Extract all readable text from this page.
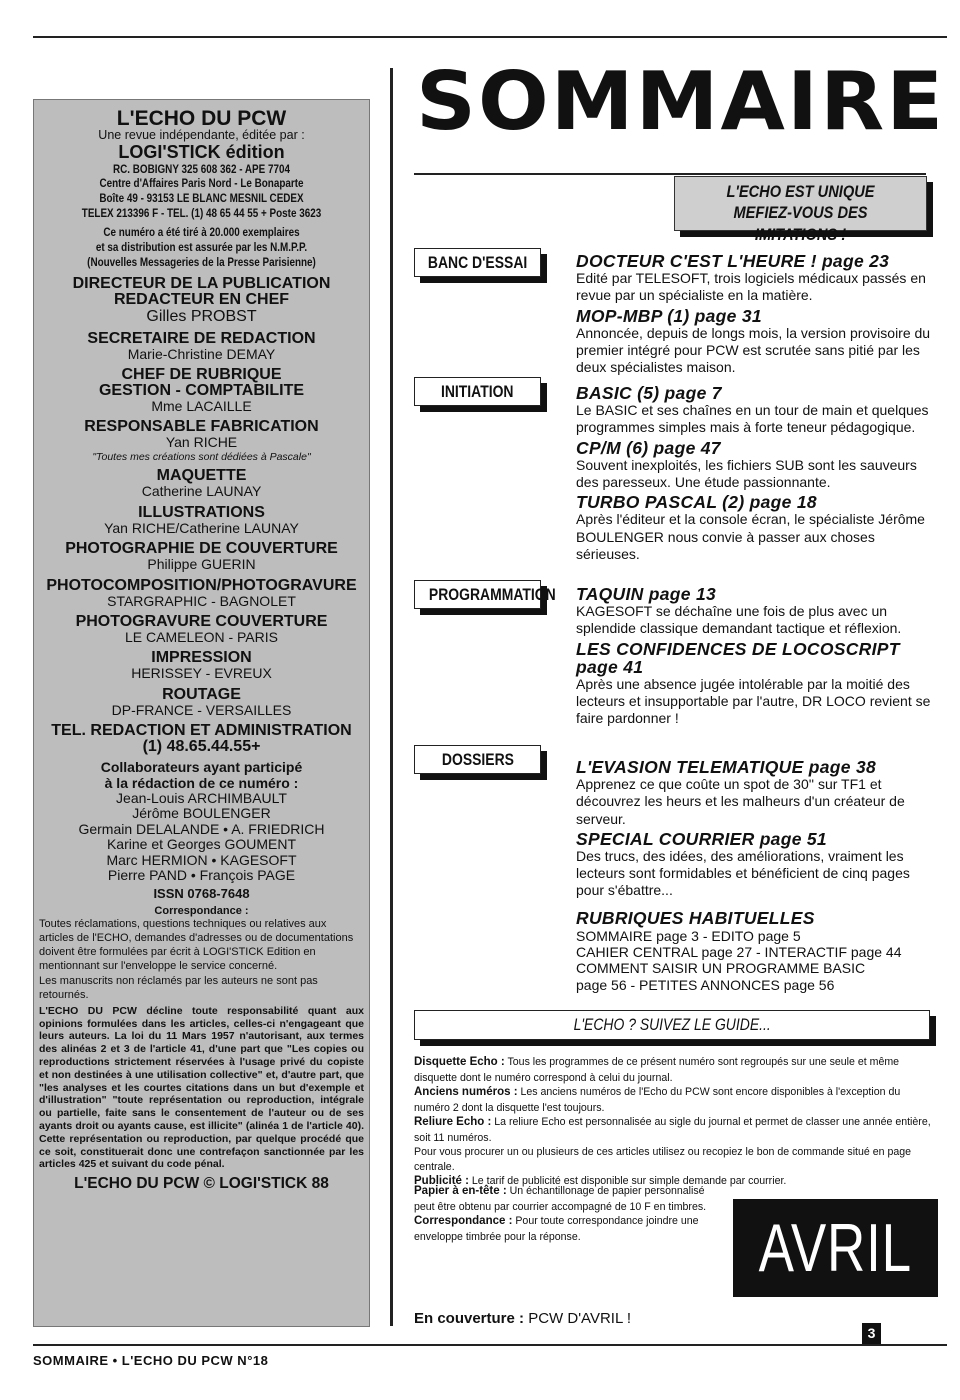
L'ECHO DU PCW
Une revue indépendante, éditée par :
LOGI'STICK édition
RC. BOBIGNY 325 608 362 - APE 7704
Centre d'Affaires Paris Nord - Le Bonaparte
Boîte 49 - 93153 LE BLANC MESNIL CEDEX
TELEX 213396 F - TEL. (1) 48 65 44 55 + Poste 3623
Ce numéro a été tiré à 20.000 exemplaires
et sa distribution est assurée par les N.M.P.P.
(Nouvelles Messageries de la Presse Parisienne)
DIRECTEUR DE LA PUBLICATION
REDACTEUR EN CHEF
Gilles PROBST
SECRETAIRE DE REDACTION
Marie-Christine DEMAY
CHEF DE RUBRIQUE
GESTION - COMPTABILITE
Mme LACAILLE
RESPONSABLE FABRICATION
Yan RICHE
"Toutes mes créations sont dédiées à Pascale"
MAQUETTE
Catherine LAUNAY
ILLUSTRATIONS
Yan RICHE/Catherine LAUNAY
PHOTOGRAPHIE DE COUVERTURE
Philippe GUERIN
PHOTOCOMPOSITION/PHOTOGRAVURE
STARGRAPHIC - BAGNOLET
PHOTOGRAVURE COUVERTURE
LE CAMELEON - PARIS
IMPRESSION
HERISSEY - EVREUX
ROUTAGE
DP-FRANCE - VERSAILLES
TEL. REDACTION ET ADMINISTRATION
(1) 48.65.44.55+
Collaborateurs ayant participé
à la rédaction de ce numéro :
Jean-Louis ARCHIMBAULT
Jérôme BOULENGER
Germain DELALANDE • A. FRIEDRICH
Karine et Georges GOUMENT
Marc HERMION • KAGESOFT
Pierre PAND • François PAGE
ISSN 0768-7648
Correspondance :
Toutes réclamations, questions techniques ou relatives aux articles de l'ECHO, demandes d'adresses ou de documentations doivent être formulées par écrit à LOGI'STICK Edition en mentionnant sur l'enveloppe le service concerné.
Les manuscrits non réclamés par les auteurs ne sont pas retournés.
L'ECHO DU PCW décline toute responsabilité quant aux opinions formulées dans les articles, celles-ci n'engageant que leurs auteurs. La loi du 11 Mars 1957 n'autorisant, aux termes des alinéas 2 et 3 de l'article 41, d'une part que "Les copies ou reproductions strictement réservées à l'usage privé du copiste et non destinées à une utilisation collective" et, d'autre part, que "les analyses et les courtes citations dans un but d'exemple et d'illustration" "toute représentation ou reproduction, intégrale ou partielle, faite sans le consentement de l'auteur ou de ses ayants droit ou ayants cause, est illicite" (alinéa 1 de l'article 40). Cette représentation ou reproduction, par quelque procédé que ce soit, constituerait donc une contrefaçon sanctionnée par les articles 425 et suivant du code pénal.
L'ECHO DU PCW © LOGI'STICK 88
SOMMAIRE
L'ECHO EST UNIQUE
MEFIEZ-VOUS DES IMITATIONS !
BANC D'ESSAI
INITIATION
PROGRAMMATION
DOSSIERS
DOCTEUR C'EST L'HEURE ! page 23
Edité par TELESOFT, trois logiciels médicaux passés en revue par un spécialiste en la matière.
MOP-MBP (1) page 31
Annoncée, depuis de longs mois, la version provisoire du premier intégré pour PCW est scrutée sans pitié par les deux spécialistes maison.
BASIC (5) page 7
Le BASIC et ses chaînes en un tour de main et quelques programmes simples mais à forte teneur pédagogique.
CP/M (6) page 47
Souvent inexploités, les fichiers SUB sont les sauveurs des paresseux. Une étude passionnante.
TURBO PASCAL (2) page 18
Après l'éditeur et la console écran, le spécialiste Jérôme BOULENGER nous convie à passer aux choses sérieuses.
TAQUIN page 13
KAGESOFT se déchaîne une fois de plus avec un splendide classique demandant tactique et réflexion.
LES CONFIDENCES DE LOCOSCRIPT page 41
Après une absence jugée intolérable par la moitié des lecteurs et insupportable par l'autre, DR LOCO revient se faire pardonner !
L'EVASION TELEMATIQUE page 38
Apprenez ce que coûte un spot de 30'' sur TF1 et découvrez les heurs et les malheurs d'un créateur de serveur.
SPECIAL COURRIER page 51
Des trucs, des idées, des améliorations, vraiment les lecteurs sont formidables et bénéficient de cinq pages pour s'ébattre...
RUBRIQUES HABITUELLES
SOMMAIRE page 3 - EDITO page 5
CAHIER CENTRAL page 27 - INTERACTIF page 44
COMMENT SAISIR UN PROGRAMME BASIC
page 56 - PETITES ANNONCES page 56
L'ECHO ? SUIVEZ LE GUIDE...
Disquette Echo : Tous les programmes de ce présent numéro sont regroupés sur une seule et même disquette dont le numéro correspond à celui du journal.
Anciens numéros : Les anciens numéros de l'Echo du PCW sont encore disponibles à l'exception du numéro 2 dont la disquette l'est toujours.
Reliure Echo : La reliure Echo est personnalisée au sigle du journal et permet de classer une année entière, soit 11 numéros.
Pour vous procurer un ou plusieurs de ces articles utilisez ou recopiez le bon de commande situé en page centrale.
Publicité : Le tarif de publicité est disponible sur simple demande par courrier.
Papier à en-tête : Un échantillonage de papier personnalisé peut être obtenu par courrier accompagné de 10 F en timbres.
Correspondance : Pour toute correspondance joindre une enveloppe timbrée pour la réponse.	AVRIL
En couverture : PCW D'AVRIL !
3
SOMMAIRE • L'ECHO DU PCW N°18
